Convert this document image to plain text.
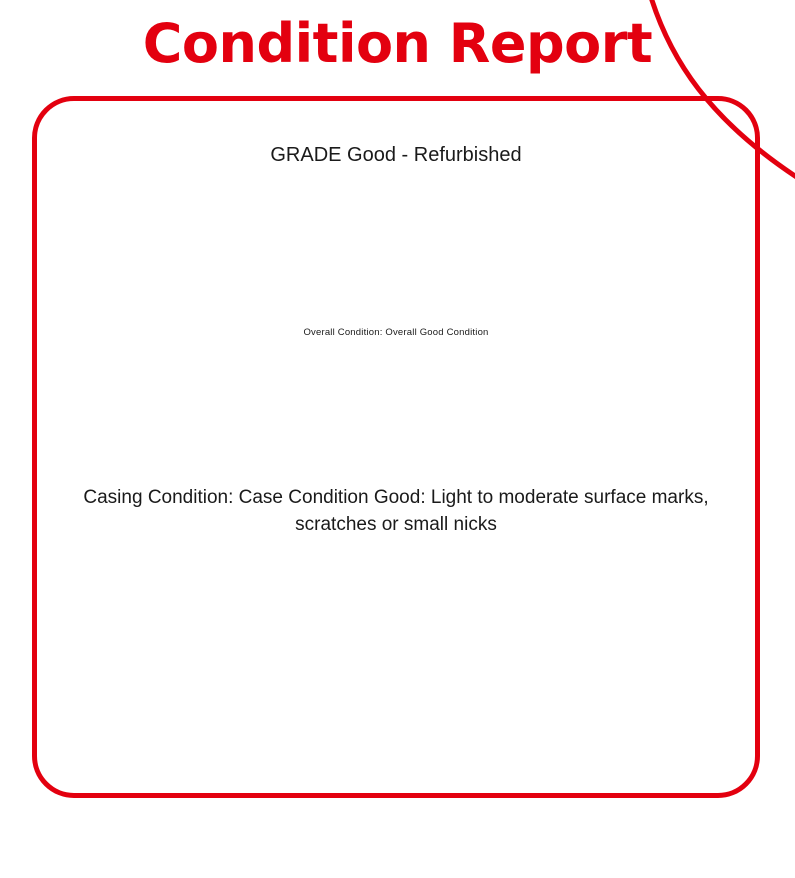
Condition Report
GRADE Good - Refurbished
Overall Condition: Overall Good Condition
Casing Condition: Case Condition Good: Light to moderate surface marks, scratches or small nicks
